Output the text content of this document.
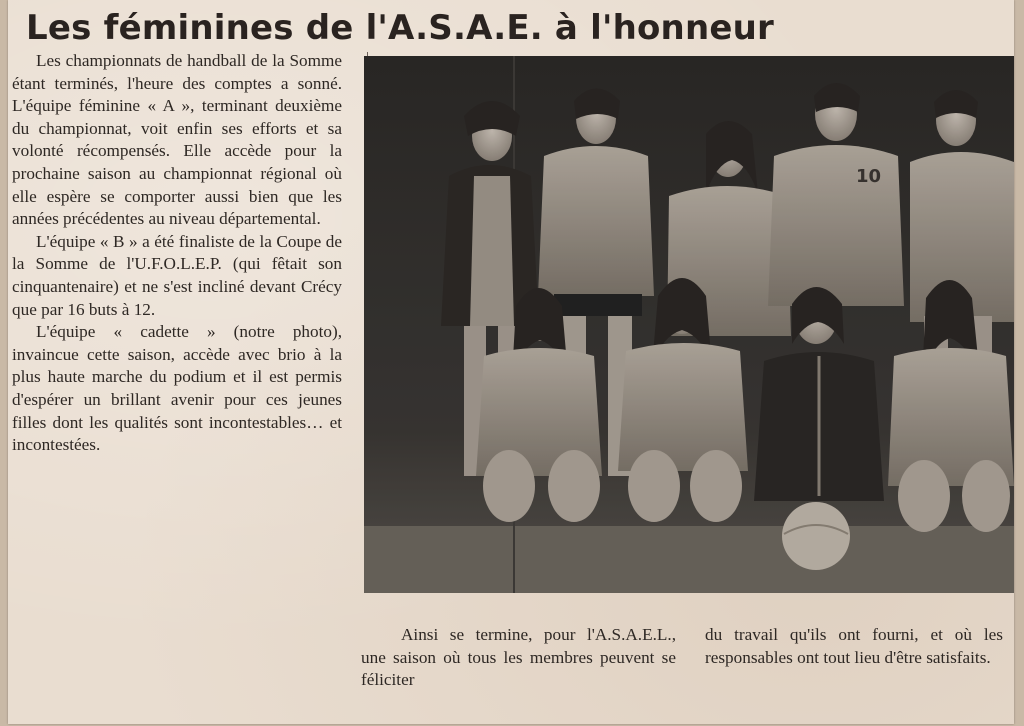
Les féminines de l'A.S.A.E. à l'honneur

Les championnats de handball de la Somme étant terminés, l'heure des comptes a sonné. L'équipe féminine « A », terminant deuxième du championnat, voit enfin ses efforts et sa volonté récompensés. Elle accède pour la prochaine saison au championnat régional où elle espère se comporter aussi bien que les années précédentes au niveau départemental.

L'équipe « B » a été finaliste de la Coupe de la Somme de l'U.F.O.L.E.P. (qui fêtait son cinquantenaire) et ne s'est incliné devant Crécy que par 16 buts à 12.

L'équipe « cadette » (notre photo), invaincue cette saison, accède avec brio à la plus haute marche du podium et il est permis d'espérer un brillant avenir pour ces jeunes filles dont les qualités sont incontestables… et incontestées.

10

Ainsi se termine, pour l'A.S.A.E.L., une saison où tous les membres peuvent se féliciter

du travail qu'ils ont fourni, et où les responsables ont tout lieu d'être satisfaits.
